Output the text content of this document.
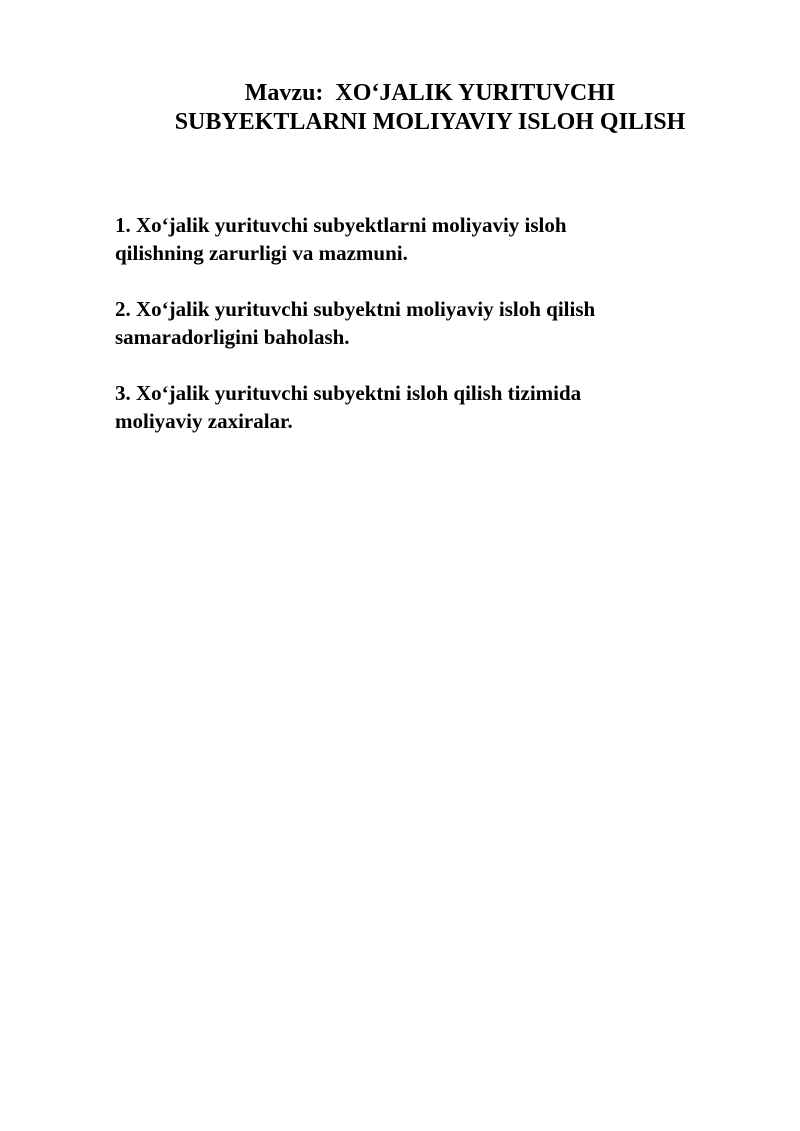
Mavzu:  XO‘JALIK YURITUVCHI
SUBYEKTLARNI MOLIYAVIY ISLOH QILISH
1. Xo‘jalik yurituvchi subyektlarni moliyaviy isloh
qilishning zarurligi va mazmuni.
2. Xo‘jalik yurituvchi subyektni moliyaviy isloh qilish
samaradorligini baholash.
3. Xo‘jalik yurituvchi subyektni isloh qilish tizimida
moliyaviy zaxiralar.
